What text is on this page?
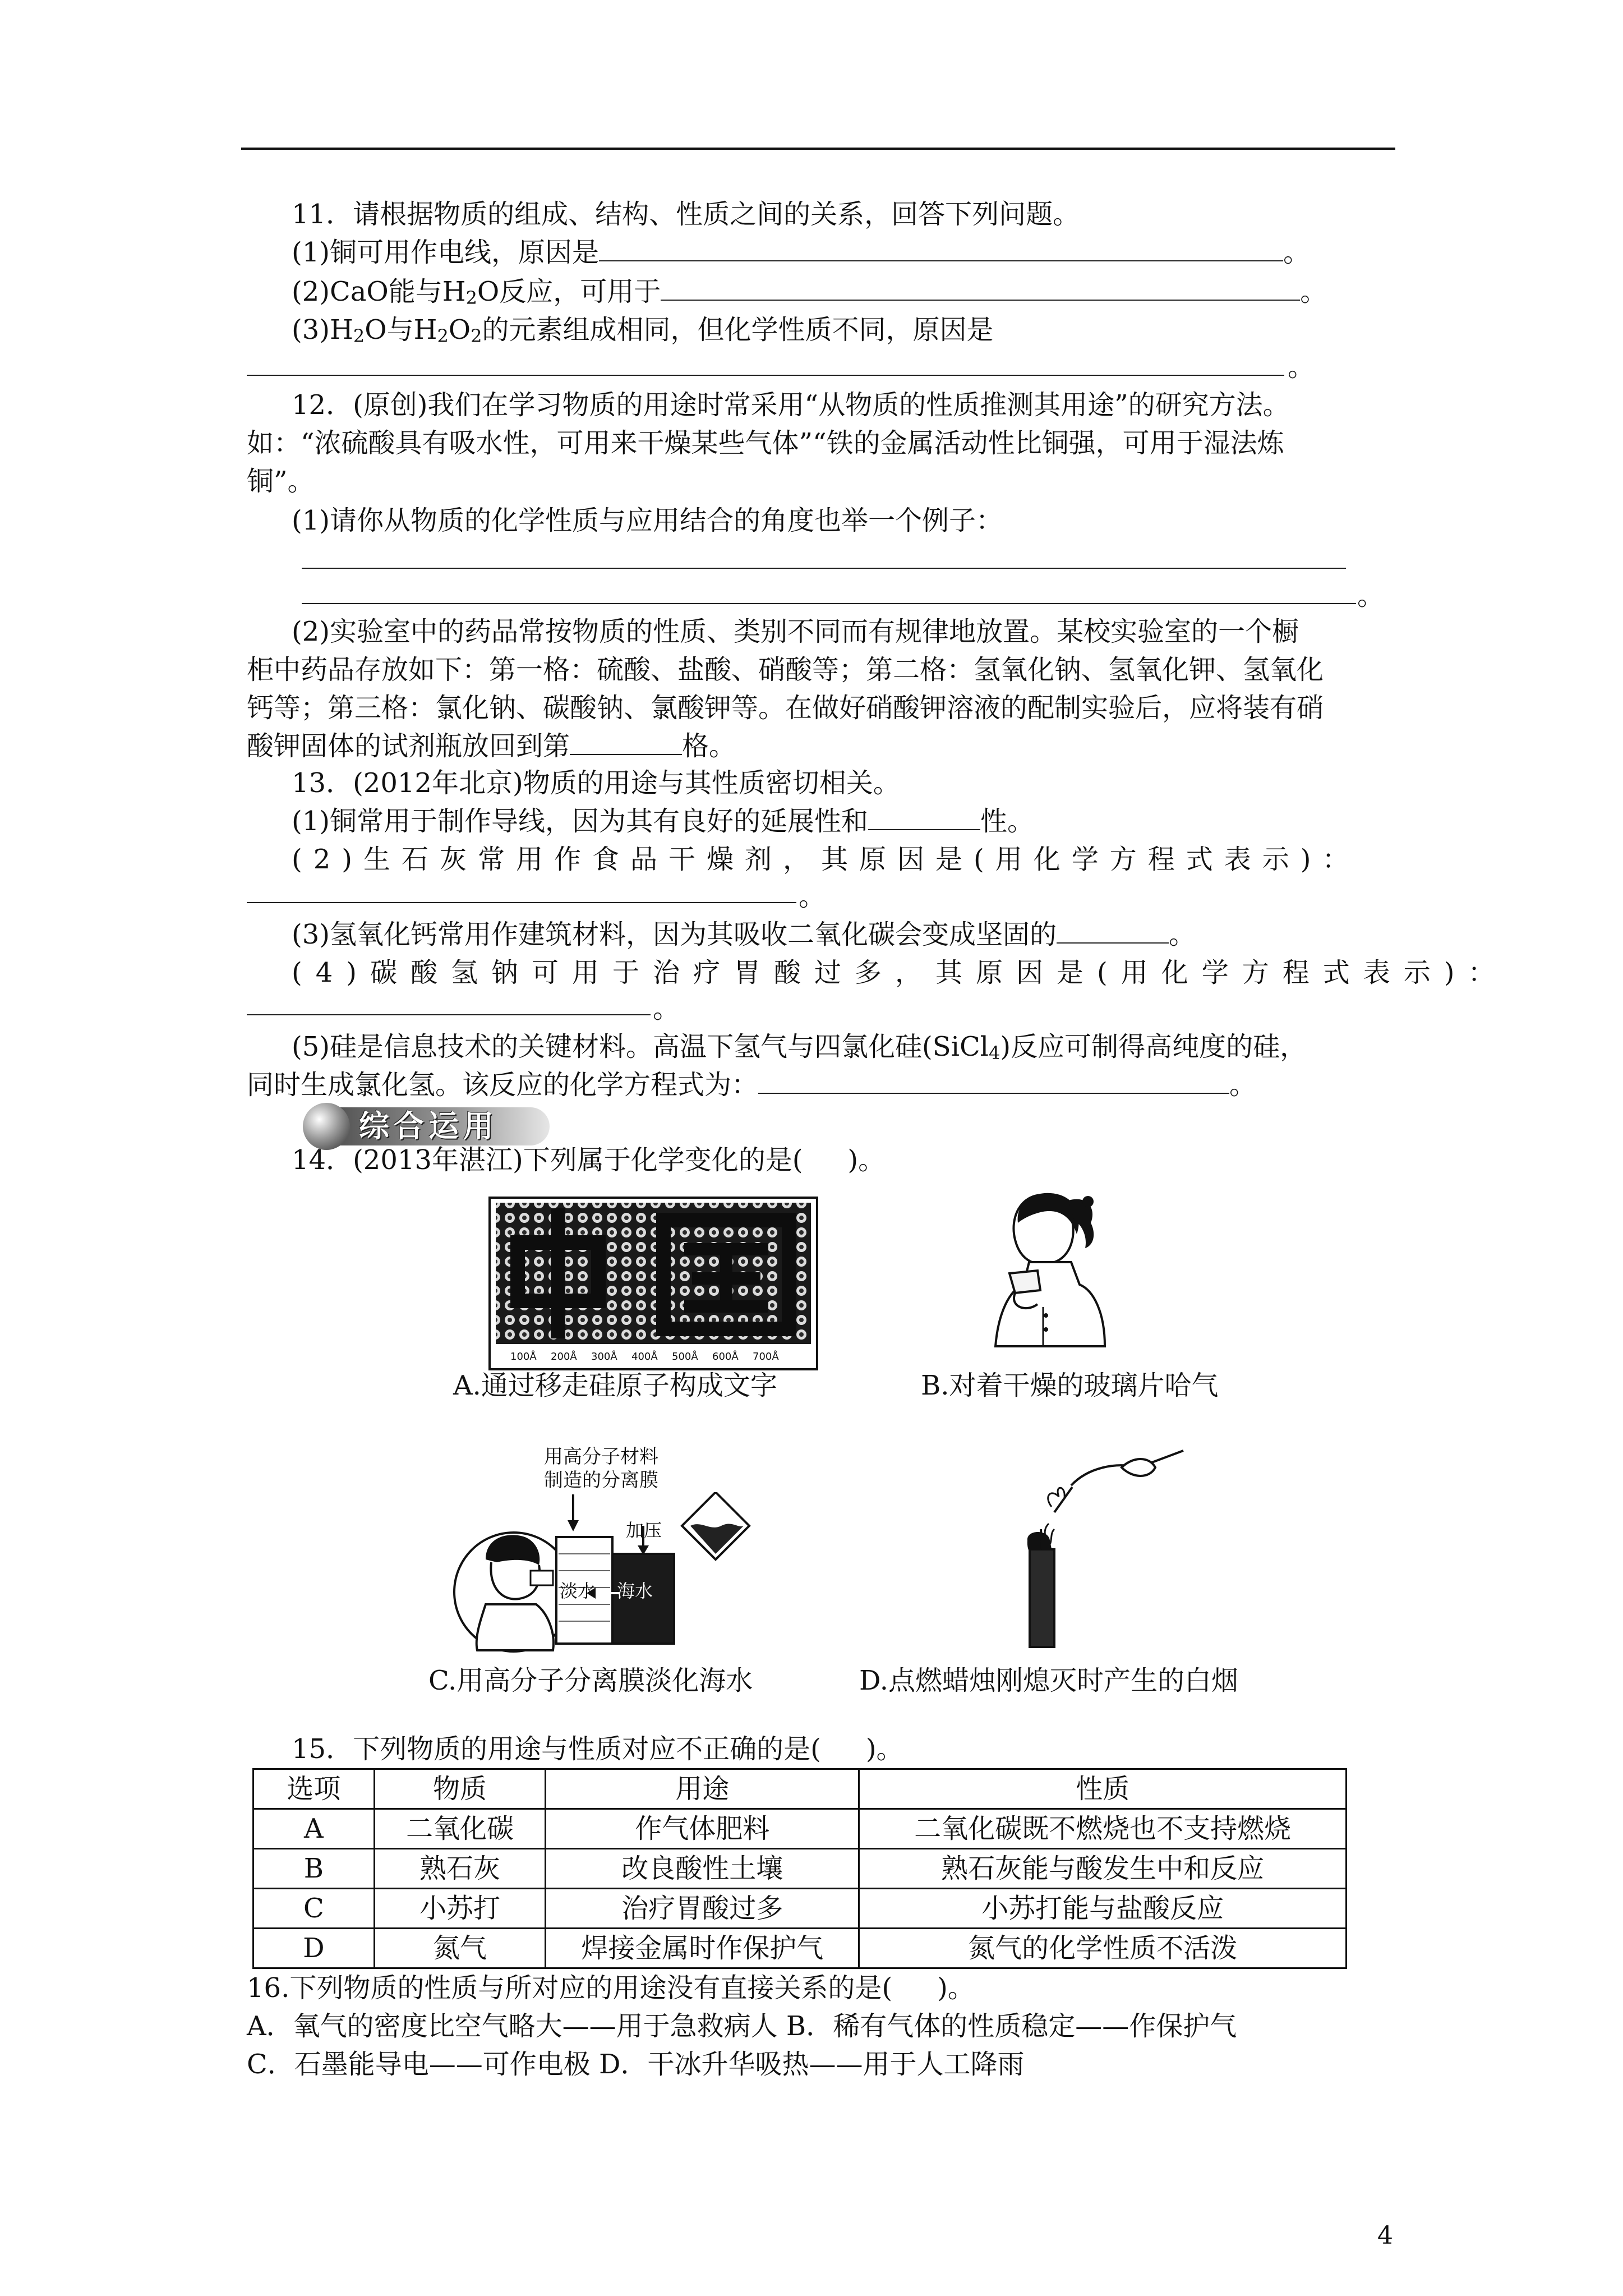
11．请根据物质的组成、结构、性质之间的关系，回答下列问题。
(1)铜可用作电线，原因是	。
(2)CaO能与$H_2O$反应，可用于	。
$(3)H_2O$与$H_2O_2$的元素组成相同，但化学性质不同，原因是
。
12．(原创)我们在学习物质的用途时常采用“从物质的性质推测其用途”的研究方法。
如：“浓硫酸具有吸水性，可用来干燥某些气体”“铁的金属活动性比铜强，可用于湿法炼
铜”。
(1)请你从物质的化学性质与应用结合的角度也举一个例子：
。
(2)实验室中的药品常按物质的性质、类别不同而有规律地放置。某校实验室的一个橱
柜中药品存放如下：第一格：硫酸、盐酸、硝酸等；第二格：氢氧化钠、氢氧化钾、氢氧化
钙等；第三格：氯化钠、碳酸钠、氯酸钾等。在做好硝酸钾溶液的配制实验后，应将装有硝
酸钾固体的试剂瓶放回到第	格。
13．(2012年北京)物质的用途与其性质密切相关。
(1)铜常用于制作导线，因为其有良好的延展性和	性。
(2)生石灰常用作食品干燥剂，其原因是(用化学方程式表示)：
。
(3)氢氧化钙常用作建筑材料，因为其吸收二氧化碳会变成坚固的	。
(4)碳酸氢钠可用于治疗胃酸过多，其原因是(用化学方程式表示)：
。
(5)硅是信息技术的关键材料。高温下氢气与四氯化硅(SiCl$_4$)反应可制得高纯度的硅，
同时生成氯化氢。该反应的化学方程式为：	。
综合运用
14．(2013年湛江)下列属于化学变化的是( )。
100Å 200Å 300Å 400Å 500Å 600Å 700Å
A.通过移走硅原子构成文字	B.对着干燥的玻璃片哈气
用高分子材料
制造的分离膜
加压
淡水 海水
C.用高分子分离膜淡化海水	D.点燃蜡烛刚熄灭时产生的白烟
15．下列物质的用途与性质对应不正确的是( )。
选项	物质	用途	性质
A	二氧化碳	作气体肥料	二氧化碳既不燃烧也不支持燃烧
B	熟石灰	改良酸性土壤	熟石灰能与酸发生中和反应
C	小苏打	治疗胃酸过多	小苏打能与盐酸反应
D	氮气	焊接金属时作保护气	氮气的化学性质不活泼
16.下列物质的性质与所对应的用途没有直接关系的是( )。
A．氧气的密度比空气略大——用于急救病人 B．稀有气体的性质稳定——作保护气
C．石墨能导电——可作电极 D．干冰升华吸热——用于人工降雨
4
